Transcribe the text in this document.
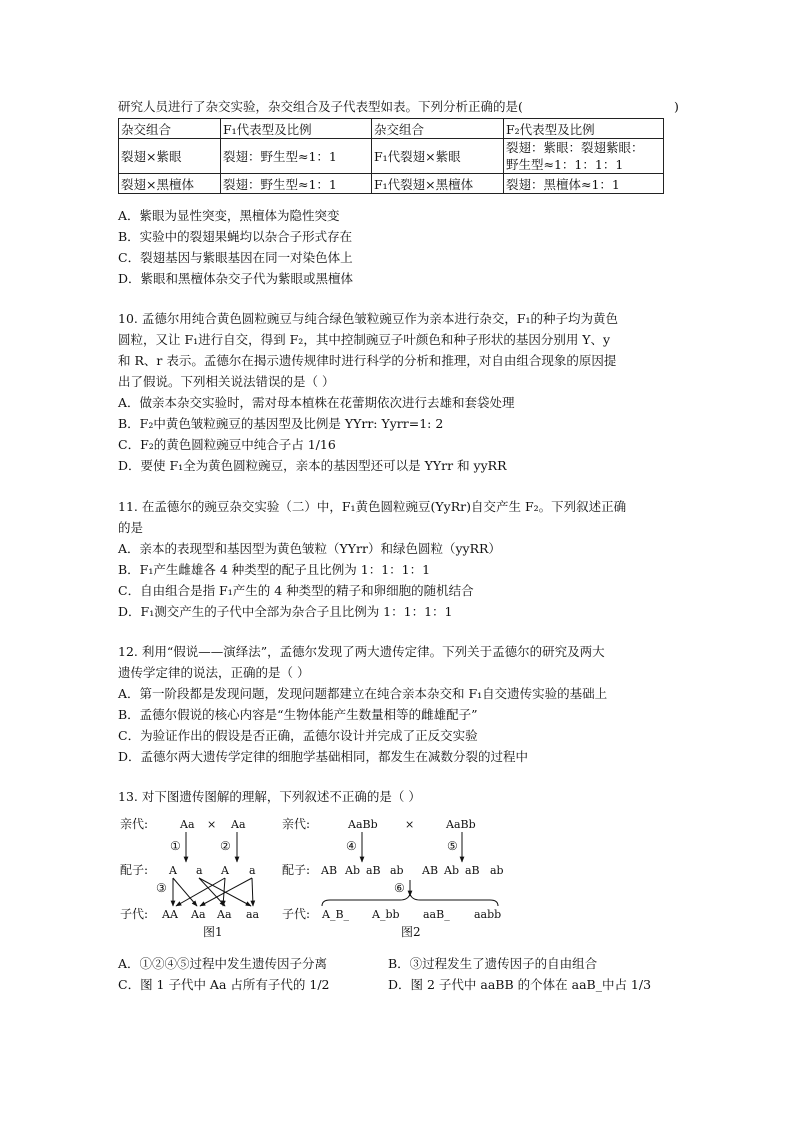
研究人员进行了杂交实验，杂交组合及子代表型如表。下列分析正确的是(	)
杂交组合	F₁代表型及比例	杂交组合	F₂代表型及比例
裂翅×紫眼	裂翅：野生型≈1：1	F₁代裂翅×紫眼	裂翅：紫眼：裂翅紫眼：
野生型≈1：1：1：1

裂翅×黑檀体	裂翅：野生型≈1：1	F₁代裂翅×黑檀体	裂翅：黑檀体≈1：1
A．紫眼为显性突变，黑檀体为隐性突变
B．实验中的裂翅果蝇均以杂合子形式存在
C．裂翅基因与紫眼基因在同一对染色体上
D．紫眼和黑檀体杂交子代为紫眼或黑檀体
10. 孟德尔用纯合黄色圆粒豌豆与纯合绿色皱粒豌豆作为亲本进行杂交，F₁的种子均为黄色
圆粒，又让 F₁进行自交，得到 F₂，其中控制豌豆子叶颜色和种子形状的基因分别用 Y、y
和 R、r 表示。孟德尔在揭示遗传规律时进行科学的分析和推理，对自由组合现象的原因提
出了假说。下列相关说法错误的是（ ）
A．做亲本杂交实验时，需对母本植株在花蕾期依次进行去雄和套袋处理
B．F₂中黄色皱粒豌豆的基因型及比例是 YYrr: Yyrr=1: 2
C．F₂的黄色圆粒豌豆中纯合子占 1/16
D．要使 F₁全为黄色圆粒豌豆，亲本的基因型还可以是 YYrr 和 yyRR
11. 在孟德尔的豌豆杂交实验（二）中，F₁黄色圆粒豌豆(YyRr)自交产生 F₂。下列叙述正确
的是
A．亲本的表现型和基因型为黄色皱粒（YYrr）和绿色圆粒（yyRR）
B．F₁产生雌雄各 4 种类型的配子且比例为 1：1：1：1
C．自由组合是指 F₁产生的 4 种类型的精子和卵细胞的随机结合
D．F₁测交产生的子代中全部为杂合子且比例为 1：1：1：1
12. 利用“假说——演绎法”，孟德尔发现了两大遗传定律。下列关于孟德尔的研究及两大
遗传学定律的说法，正确的是（ ）
A．第一阶段都是发现问题，发现问题都建立在纯合亲本杂交和 F₁自交遗传实验的基础上
B．孟德尔假说的核心内容是“生物体能产生数量相等的雌雄配子”
C．为验证作出的假设是否正确，孟德尔设计并完成了正反交实验
D．孟德尔两大遗传学定律的细胞学基础相同，都发生在减数分裂的过程中
13. 对下图遗传图解的理解，下列叙述不正确的是（ ）
亲代:	Aa × Aa
①	②
配子: A a A a
③
子代: AA Aa Aa aa
图1
亲代:	AaBb ×	AaBb
④	⑤
配子: AB Ab aB ab AB Ab aB ab
⑥
子代: A_B_ A_bb aaB_ aabb
图2
A．①②④⑤过程中发生遗传因子分离	B．③过程发生了遗传因子的自由组合
C．图 1 子代中 Aa 占所有子代的 1/2	D．图 2 子代中 aaBB 的个体在 aaB_中占 1/3
